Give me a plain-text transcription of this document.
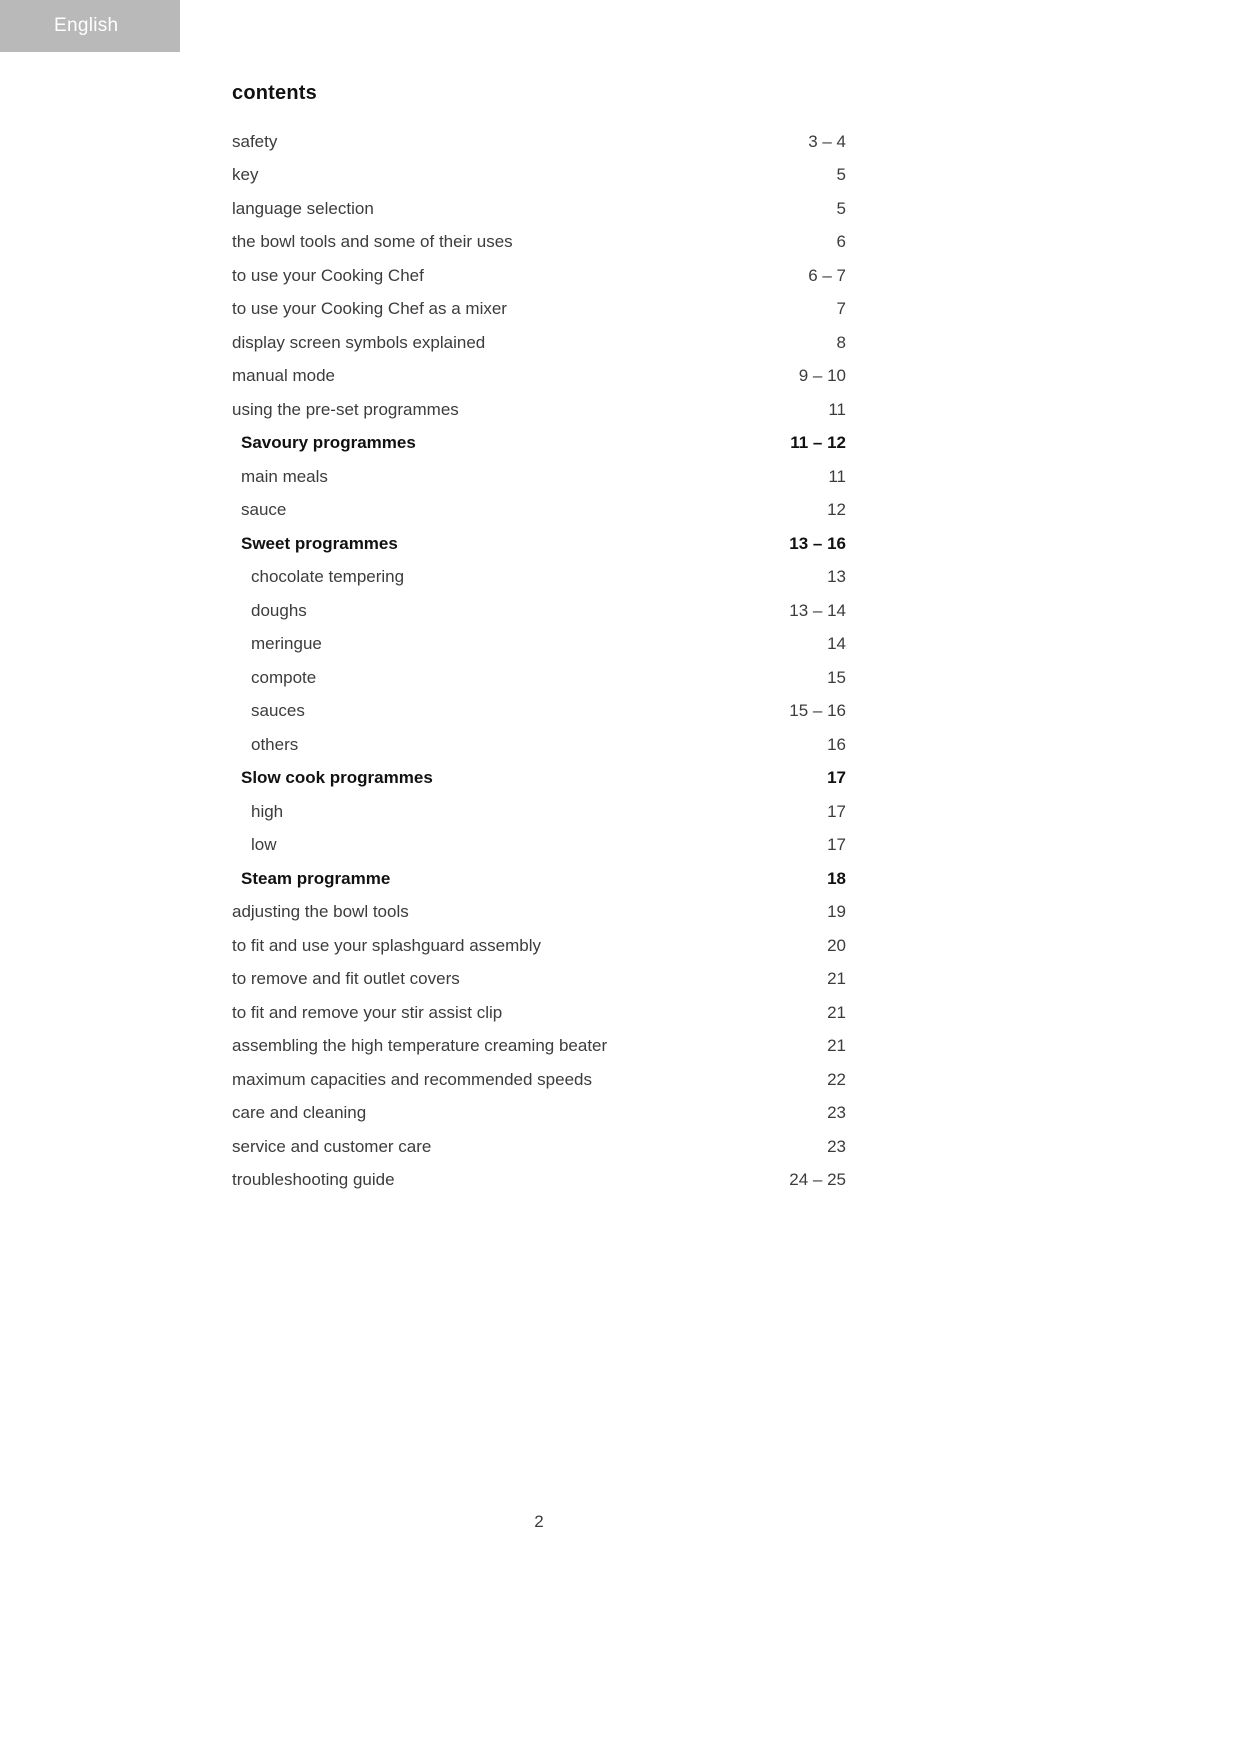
English
contents
safety	3 – 4
key	5
language selection	5
the bowl tools and some of their uses	6
to use your Cooking Chef	6 – 7
to use your Cooking Chef as a mixer	7
display screen symbols explained	8
manual mode	9 – 10
using the pre-set programmes	11
Savoury programmes	11 – 12
main meals	11
sauce	12
Sweet programmes	13 – 16
chocolate tempering	13
doughs	13 – 14
meringue	14
compote	15
sauces	15 – 16
others	16
Slow cook programmes	17
high	17
low	17
Steam programme	18
adjusting the bowl tools	19
to fit and use your splashguard assembly	20
to remove and fit outlet covers	21
to fit and remove your stir assist clip	21
assembling the high temperature creaming beater	21
maximum capacities and recommended speeds	22
care and cleaning	23
service and customer care	23
troubleshooting guide	24 – 25
2
